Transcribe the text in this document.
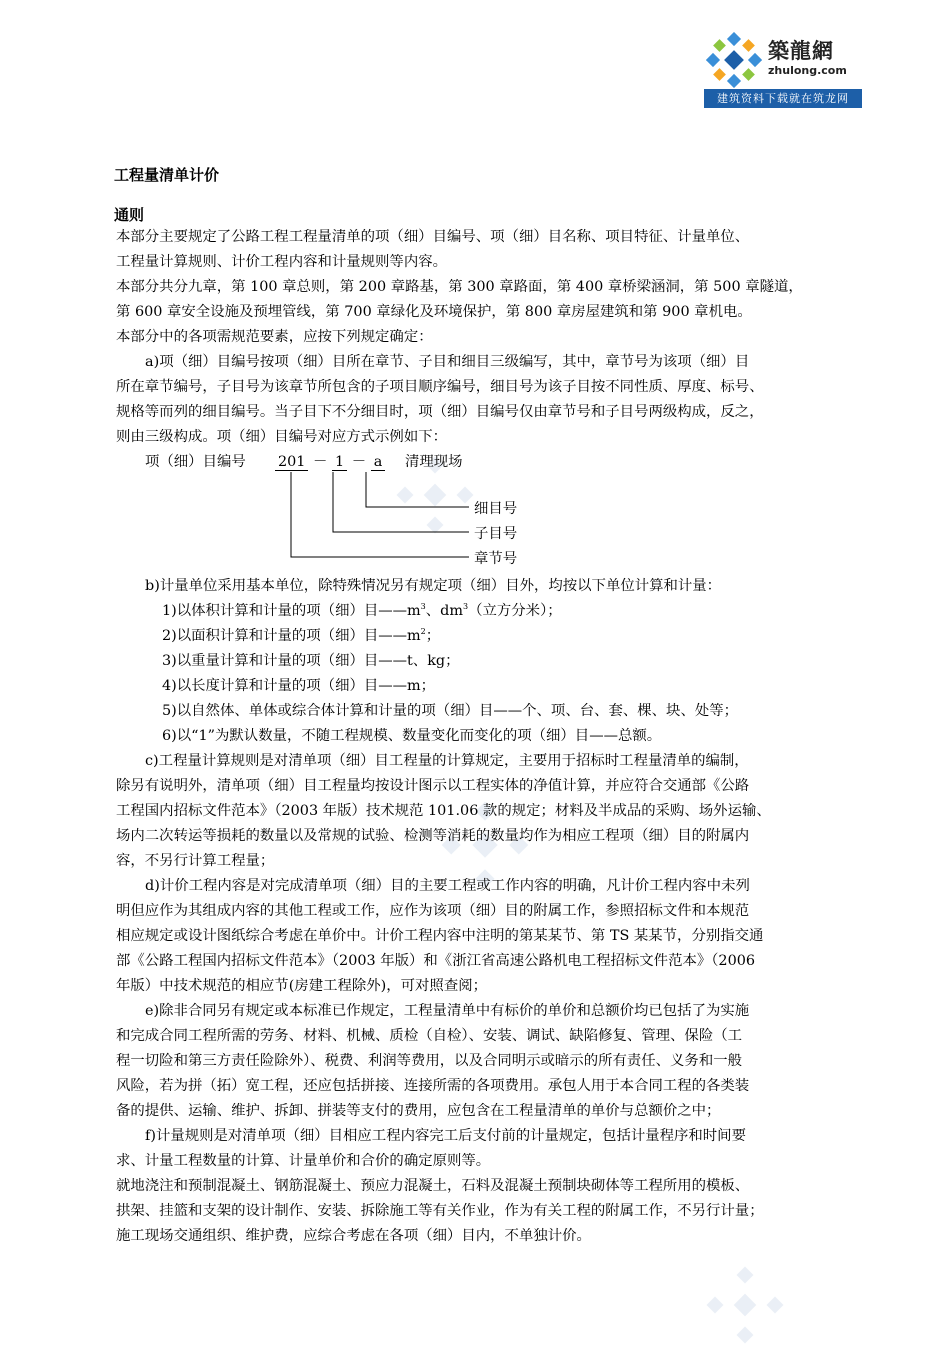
築龍網
zhulong.com
建筑资料下载就在筑龙网
工程量清单计价
通则
本部分主要规定了公路工程工程量清单的项（细）目编号、项（细）目名称、项目特征、计量单位、
工程量计算规则、计价工程内容和计量规则等内容。
本部分共分九章，第 100 章总则，第 200 章路基，第 300 章路面，第 400 章桥梁涵洞，第 500 章隧道，
第 600 章安全设施及预埋管线，第 700 章绿化及环境保护，第 800 章房屋建筑和第 900 章机电。
本部分中的各项需规范要素，应按下列规定确定：
a)项（细）目编号按项（细）目所在章节、子目和细目三级编写，其中，章节号为该项（细）目
所在章节编号，子目号为该章节所包含的子项目顺序编号，细目号为该子目按不同性质、厚度、标号、
规格等而列的细目编号。当子目下不分细目时，项（细）目编号仅由章节号和子目号两级构成，反之，
则由三级构成。项（细）目编号对应方式示例如下：
项（细）目编号 201 － 1 － a 清理现场
细目号
子目号
章节号
b)计量单位采用基本单位，除特殊情况另有规定项（细）目外，均按以下单位计算和计量：
1)以体积计算和计量的项（细）目$——m^3$、$dm^3$（立方分米）；
2)以面积计算和计量的项（细）目$——m^2$；
3)以重量计算和计量的项（细）目——t、kg；
4)以长度计算和计量的项（细）目——m；
5)以自然体、单体或综合体计算和计量的项（细）目——个、项、台、套、棵、块、处等；
6)以“1”为默认数量，不随工程规模、数量变化而变化的项（细）目——总额。
c)工程量计算规则是对清单项（细）目工程量的计算规定，主要用于招标时工程量清单的编制，
除另有说明外，清单项（细）目工程量均按设计图示以工程实体的净值计算，并应符合交通部《公路
工程国内招标文件范本》（2003 年版）技术规范 101.06 款的规定；材料及半成品的采购、场外运输、
场内二次转运等损耗的数量以及常规的试验、检测等消耗的数量均作为相应工程项（细）目的附属内
容，不另行计算工程量；
d)计价工程内容是对完成清单项（细）目的主要工程或工作内容的明确，凡计价工程内容中未列
明但应作为其组成内容的其他工程或工作，应作为该项（细）目的附属工作，参照招标文件和本规范
相应规定或设计图纸综合考虑在单价中。计价工程内容中注明的第某某节、第 TS 某某节，分别指交通
部《公路工程国内招标文件范本》（2003 年版）和《浙江省高速公路机电工程招标文件范本》（2006
年版）中技术规范的相应节(房建工程除外)，可对照查阅；
e)除非合同另有规定或本标准已作规定，工程量清单中有标价的单价和总额价均已包括了为实施
和完成合同工程所需的劳务、材料、机械、质检（自检）、安装、调试、缺陷修复、管理、保险（工
程一切险和第三方责任险除外）、税费、利润等费用，以及合同明示或暗示的所有责任、义务和一般
风险，若为拼（拓）宽工程，还应包括拼接、连接所需的各项费用。承包人用于本合同工程的各类装
备的提供、运输、维护、拆卸、拼装等支付的费用，应包含在工程量清单的单价与总额价之中；
f)计量规则是对清单项（细）目相应工程内容完工后支付前的计量规定，包括计量程序和时间要
求、计量工程数量的计算、计量单价和合价的确定原则等。
就地浇注和预制混凝土、钢筋混凝土、预应力混凝土，石料及混凝土预制块砌体等工程所用的模板、
拱架、挂篮和支架的设计制作、安装、拆除施工等有关作业，作为有关工程的附属工作，不另行计量；
施工现场交通组织、维护费，应综合考虑在各项（细）目内，不单独计价。
